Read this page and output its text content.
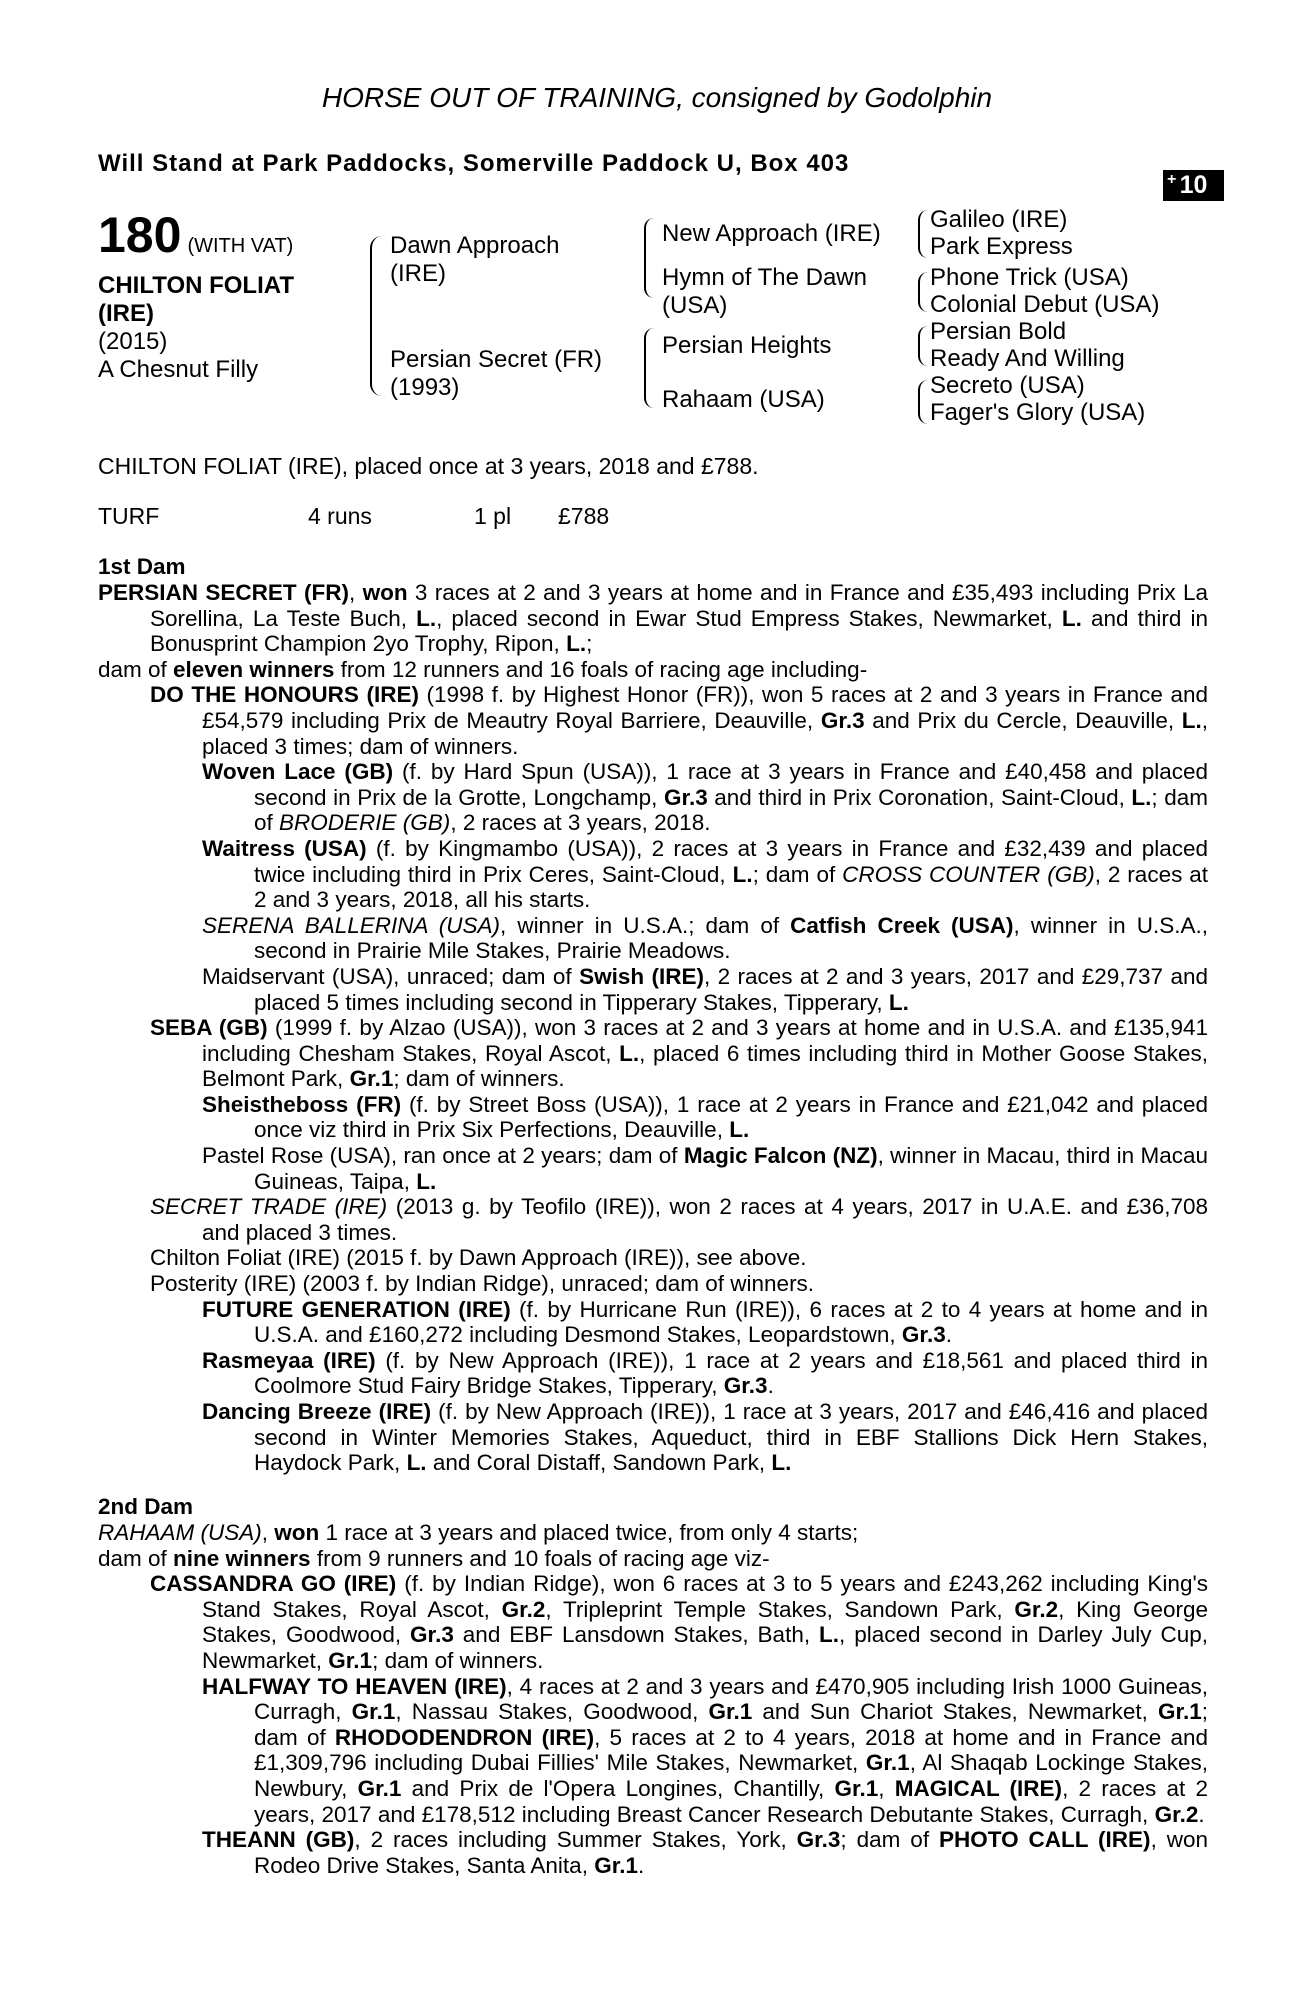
HORSE OUT OF TRAINING, consigned by Godolphin
Will Stand at Park Paddocks, Somerville Paddock U, Box 403
+ 10
180 (WITH VAT)
CHILTON FOLIAT
(IRE)
(2015)
A Chesnut Filly
Dawn Approach
(IRE)
Persian Secret (FR)
(1993)
New Approach (IRE)
Hymn of The Dawn
(USA)
Persian Heights
Rahaam (USA)
Galileo (IRE)
Park Express
Phone Trick (USA)
Colonial Debut (USA)
Persian Bold
Ready And Willing
Secreto (USA)
Fager's Glory (USA)
CHILTON FOLIAT (IRE), placed once at 3 years, 2018 and £788.
TURF	4 runs	1 pl £788
1st Dam

PERSIAN SECRET (FR), won 3 races at 2 and 3 years at home and in France and £35,493 including Prix La Sorellina, La Teste Buch, L., placed second in Ewar Stud Empress Stakes, Newmarket, L. and third in Bonusprint Champion 2yo Trophy, Ripon, L.;

dam of eleven winners from 12 runners and 16 foals of racing age including-

DO THE HONOURS (IRE) (1998 f. by Highest Honor (FR)), won 5 races at 2 and 3 years in France and £54,579 including Prix de Meautry Royal Barriere, Deauville, Gr.3 and Prix du Cercle, Deauville, L., placed 3 times; dam of winners.

Woven Lace (GB) (f. by Hard Spun (USA)), 1 race at 3 years in France and £40,458 and placed second in Prix de la Grotte, Longchamp, Gr.3 and third in Prix Coronation, Saint-Cloud, L.; dam of BRODERIE (GB), 2 races at 3 years, 2018.

Waitress (USA) (f. by Kingmambo (USA)), 2 races at 3 years in France and £32,439 and placed twice including third in Prix Ceres, Saint-Cloud, L.; dam of CROSS COUNTER (GB), 2 races at 2 and 3 years, 2018, all his starts.

SERENA BALLERINA (USA), winner in U.S.A.; dam of Catfish Creek (USA), winner in U.S.A., second in Prairie Mile Stakes, Prairie Meadows.

Maidservant (USA), unraced; dam of Swish (IRE), 2 races at 2 and 3 years, 2017 and £29,737 and placed 5 times including second in Tipperary Stakes, Tipperary, L.

SEBA (GB) (1999 f. by Alzao (USA)), won 3 races at 2 and 3 years at home and in U.S.A. and £135,941 including Chesham Stakes, Royal Ascot, L., placed 6 times including third in Mother Goose Stakes, Belmont Park, Gr.1; dam of winners.

Sheistheboss (FR) (f. by Street Boss (USA)), 1 race at 2 years in France and £21,042 and placed once viz third in Prix Six Perfections, Deauville, L.

Pastel Rose (USA), ran once at 2 years; dam of Magic Falcon (NZ), winner in Macau, third in Macau Guineas, Taipa, L.

SECRET TRADE (IRE) (2013 g. by Teofilo (IRE)), won 2 races at 4 years, 2017 in U.A.E. and £36,708 and placed 3 times.

Chilton Foliat (IRE) (2015 f. by Dawn Approach (IRE)), see above.

Posterity (IRE) (2003 f. by Indian Ridge), unraced; dam of winners.

FUTURE GENERATION (IRE) (f. by Hurricane Run (IRE)), 6 races at 2 to 4 years at home and in U.S.A. and £160,272 including Desmond Stakes, Leopardstown, Gr.3.

Rasmeyaa (IRE) (f. by New Approach (IRE)), 1 race at 2 years and £18,561 and placed third in Coolmore Stud Fairy Bridge Stakes, Tipperary, Gr.3.

Dancing Breeze (IRE) (f. by New Approach (IRE)), 1 race at 3 years, 2017 and £46,416 and placed second in Winter Memories Stakes, Aqueduct, third in EBF Stallions Dick Hern Stakes, Haydock Park, L. and Coral Distaff, Sandown Park, L.

2nd Dam

RAHAAM (USA), won 1 race at 3 years and placed twice, from only 4 starts;

dam of nine winners from 9 runners and 10 foals of racing age viz-

CASSANDRA GO (IRE) (f. by Indian Ridge), won 6 races at 3 to 5 years and £243,262 including King's Stand Stakes, Royal Ascot, Gr.2, Tripleprint Temple Stakes, Sandown Park, Gr.2, King George Stakes, Goodwood, Gr.3 and EBF Lansdown Stakes, Bath, L., placed second in Darley July Cup, Newmarket, Gr.1; dam of winners.

HALFWAY TO HEAVEN (IRE), 4 races at 2 and 3 years and £470,905 including Irish 1000 Guineas, Curragh, Gr.1, Nassau Stakes, Goodwood, Gr.1 and Sun Chariot Stakes, Newmarket, Gr.1; dam of RHODODENDRON (IRE), 5 races at 2 to 4 years, 2018 at home and in France and £1,309,796 including Dubai Fillies' Mile Stakes, Newmarket, Gr.1, Al Shaqab Lockinge Stakes, Newbury, Gr.1 and Prix de l'Opera Longines, Chantilly, Gr.1, MAGICAL (IRE), 2 races at 2 years, 2017 and £178,512 including Breast Cancer Research Debutante Stakes, Curragh, Gr.2.

THEANN (GB), 2 races including Summer Stakes, York, Gr.3; dam of PHOTO CALL (IRE), won Rodeo Drive Stakes, Santa Anita, Gr.1.
